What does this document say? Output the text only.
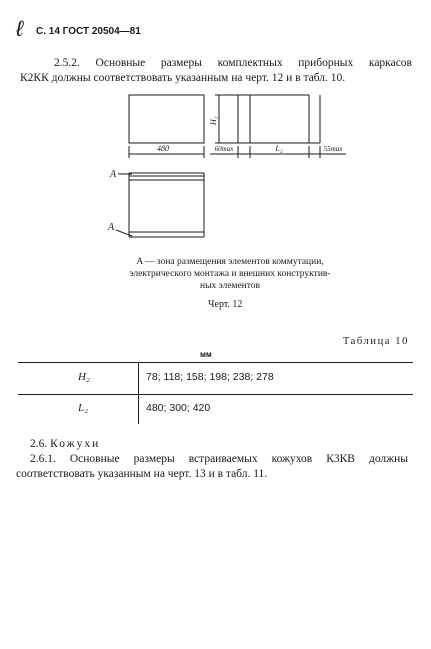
ℓ С. 14 ГОСТ 20504—81
2.5.2. Основные размеры комплектных приборных каркасов
К2КК должны соответствовать указанным на черт. 12 и в табл. 10.
480	60max	L₂	55max
H₂
A
A
A — зона размещения элементов коммутации,
электрического монтажа и внешних конструктив-
ных элементов
Черт. 12
Таблица 10
мм
H₂	78; 118; 158; 198; 238; 278
L₂	480; 300; 420
2.6. Кожухи
2.6.1. Основные размеры встраиваемых кожухов К3КВ должны
соответствовать указанным на черт. 13 и в табл. 11.
